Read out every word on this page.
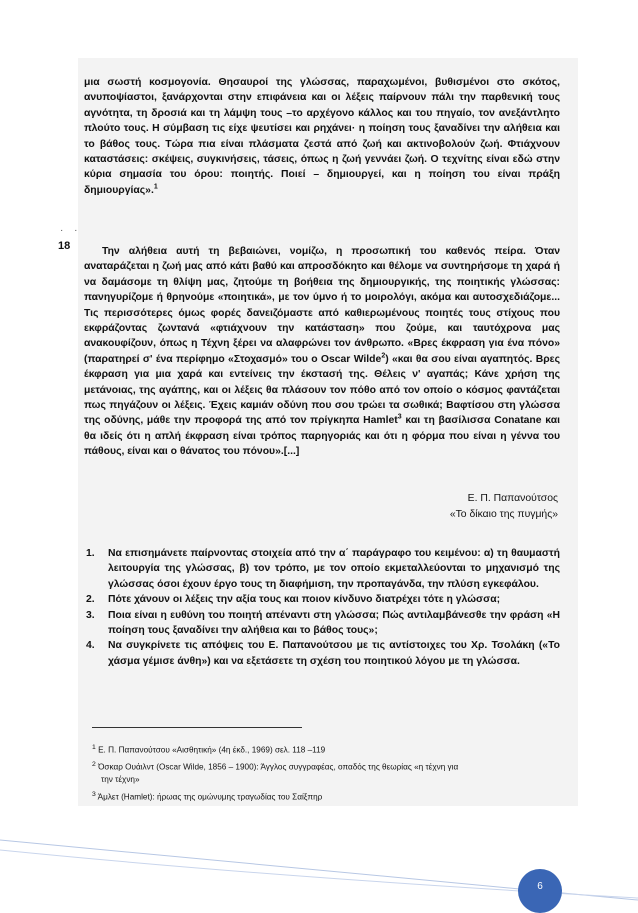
· ·
18

μια σωστή κοσμογονία. Θησαυροί της γλώσσας, παραχωμένοι, βυθισμένοι στο σκότος, ανυποψίαστοι, ξανάρχονται στην επιφάνεια και οι λέξεις παίρνουν πάλι την παρθενική τους αγνότητα, τη δροσιά και τη λάμψη τους –το αρχέγονο κάλλος και του πηγαίο, τον ανεξάντλητο πλούτο τους. Η σύμβαση τις είχε ψευτίσει και ρηχάνει· η ποίηση τους ξαναδίνει την αλήθεια και το βάθος τους. Τώρα πια είναι πλάσματα ζεστά από ζωή και ακτινοβολούν ζωή. Φτιάχνουν καταστάσεις: σκέψεις, συγκινήσεις, τάσεις, όπως η ζωή γεννάει ζωή. Ο τεχνίτης είναι εδώ στην κύρια σημασία του όρου: ποιητής. Ποιεί – δημιουργεί, και η ποίηση του είναι πράξη δημιουργίας».$^1$

Την αλήθεια αυτή τη βεβαιώνει, νομίζω, η προσωπική του καθενός πείρα. Όταν αναταράζεται η ζωή μας από κάτι βαθύ και απροσδόκητο και θέλομε να συντηρήσομε τη χαρά ή να δαμάσομε τη θλίψη μας, ζητούμε τη βοήθεια της δημιουργικής, της ποιητικής γλώσσας: πανηγυρίζομε ή θρηνούμε «ποιητικά», με τον ύμνο ή το μοιρολόγι, ακόμα και αυτοσχεδιάζομε... Τις περισσότερες όμως φορές δανειζόμαστε από καθιερωμένους ποιητές τους στίχους που εκφράζοντας ζωντανά «φτιάχνουν την κατάσταση» που ζούμε, και ταυτόχρονα μας ανακουφίζουν, όπως η Τέχνη ξέρει να αλαφρώνει τον άνθρωπο. «Βρες έκφραση για ένα πόνο» (παρατηρεί σ' ένα περίφημο «Στοχασμό» του ο Oscar Wilde$^2$) «και θα σου είναι αγαπητός. Βρες έκφραση για μια χαρά και εντείνεις την έκστασή της. Θέλεις ν' αγαπάς; Κάνε χρήση της μετάνοιας, της αγάπης, και οι λέξεις θα πλάσουν τον πόθο από τον οποίο ο κόσμος φαντάζεται πως πηγάζουν οι λέξεις. Έχεις καμιάν οδύνη που σου τρώει τα σωθικά; Βαφτίσου στη γλώσσα της οδύνης, μάθε την προφορά της από τον πρίγκηπα Hamlet$^3$ και τη βασίλισσα Conatane και θα ιδείς ότι η απλή έκφραση είναι τρόπος παρηγοριάς και ότι η φόρμα που είναι η γέννα του πάθους, είναι και ο θάνατος του πόνου».[...]

Ε. Π. Παπανούτσος
«Το δίκαιο της πυγμής»
1. Να επισημάνετε παίρνοντας στοιχεία από την α΄ παράγραφο του κειμένου: α) τη θαυμαστή λειτουργία της γλώσσας, β) τον τρόπο, με τον οποίο εκμεταλλεύονται το μηχανισμό της γλώσσας όσοι έχουν έργο τους τη διαφήμιση, την προπαγάνδα, την πλύση εγκεφάλου.
2. Πότε χάνουν οι λέξεις την αξία τους και ποιον κίνδυνο διατρέχει τότε η γλώσσα;
3. Ποια είναι η ευθύνη του ποιητή απέναντι στη γλώσσα; Πώς αντιλαμβάνεσθε την φράση «Η ποίηση τους ξαναδίνει την αλήθεια και το βάθος τους»;
4. Να συγκρίνετε τις απόψεις του Ε. Παπανούτσου με τις αντίστοιχες του Χρ. Τσολάκη («Το χάσμα γέμισε άνθη») και να εξετάσετε τη σχέση του ποιητικού λόγου με τη γλώσσα.

$^1$ Ε. Π. Παπανούτσου «Αισθητική» (4η έκδ., 1969) σελ. 118 –119

$^2$ Όσκαρ Ουάιλντ (Oscar Wilde, 1856 – 1900): Άγγλος συγγραφέας, οπαδός της θεωρίας «η τέχνη για
την τέχνη»

$^3$ Άμλετ (Hamlet): ήρωας της ομώνυμης τραγωδίας του Σαίξπηρ

6
